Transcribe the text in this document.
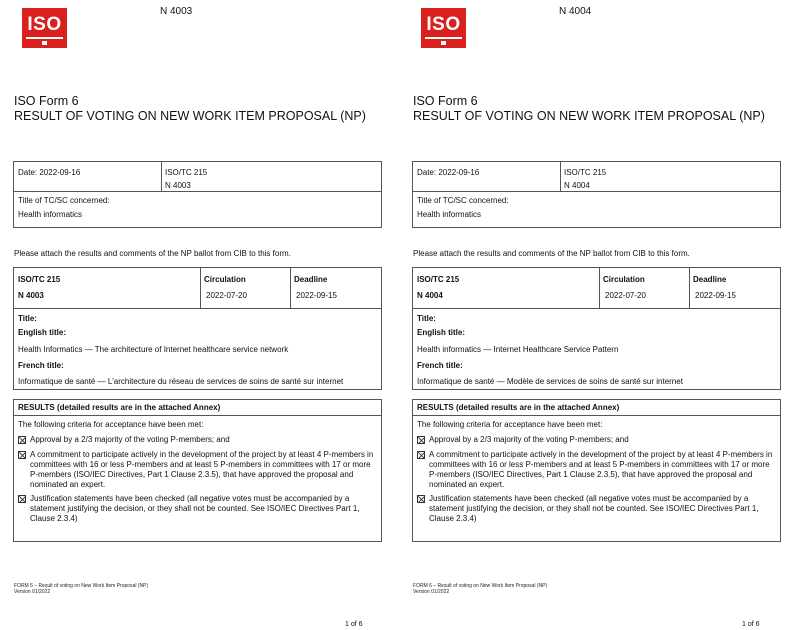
ISO
N 4003
ISO Form 6
RESULT OF VOTING ON NEW WORK ITEM PROPOSAL (NP)
Date: 2022-09-16	ISO/TC 215
N 4003
Title of TC/SC concerned:
Health informatics
Please attach the results and comments of the NP ballot from CIB to this form.
ISO/TC 215
N 4003
Circulation
2022-07-20
Deadline
2022-09-15
Title:
English title:
Health Informatics — The architecture of Internet healthcare service network
French title:
Informatique de santé — L'architecture du réseau de services de soins de santé sur internet
RESULTS (detailed results are in the attached Annex)
The following criteria for acceptance have been met:
Approval by a 2/3 majority of the voting P-members; and
A commitment to participate actively in the development of the project by at least 4 P-members in committees with 16 or less P-members and at least 5 P-members in committees with 17 or more P-members (ISO/IEC Directives, Part 1 Clause 2.3.5), that have approved the proposal and nominated an expert.
Justification statements have been checked (all negative votes must be accompanied by a statement justifying the decision, or they shall not be counted. See ISO/IEC Directives Part 1, Clause 2.3.4)
FORM 6 – Result of voting on New Work Item Proposal (NP)
Version 01/2022
1 of 6
ISO
N 4004
ISO Form 6
RESULT OF VOTING ON NEW WORK ITEM PROPOSAL (NP)
Date: 2022-09-16	ISO/TC 215
N 4004
Title of TC/SC concerned:
Health informatics
Please attach the results and comments of the NP ballot from CIB to this form.
ISO/TC 215
N 4004
Circulation
2022-07-20
Deadline
2022-09-15
Title:
English title:
Health informatics — Internet Healthcare Service Pattern
French title:
Informatique de santé — Modèle de services de soins de santé sur internet
RESULTS (detailed results are in the attached Annex)
The following criteria for acceptance have been met:
Approval by a 2/3 majority of the voting P-members; and
A commitment to participate actively in the development of the project by at least 4 P-members in committees with 16 or less P-members and at least 5 P-members in committees with 17 or more P-members (ISO/IEC Directives, Part 1 Clause 2.3.5), that have approved the proposal and nominated an expert.
Justification statements have been checked (all negative votes must be accompanied by a statement justifying the decision, or they shall not be counted. See ISO/IEC Directives Part 1, Clause 2.3.4)
FORM 6 – Result of voting on New Work Item Proposal (NP)
Version 01/2022
1 of 6
